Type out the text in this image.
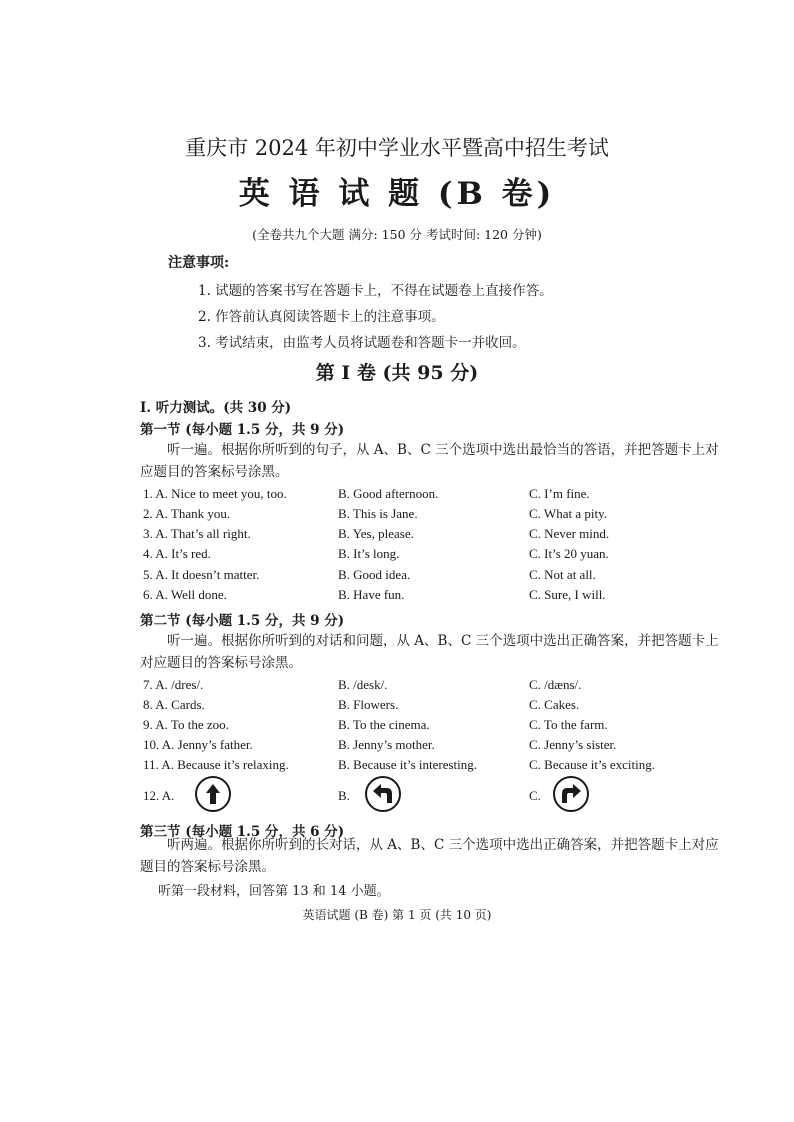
重庆市 2024 年初中学业水平暨高中招生考试
英 语 试 题 (B 卷)
(全卷共九个大题 满分: 150 分 考试时间: 120 分钟)
注意事项:
1. 试题的答案书写在答题卡上，不得在试题卷上直接作答。
2. 作答前认真阅读答题卡上的注意事项。
3. 考试结束，由监考人员将试题卷和答题卡一并收回。
第 I 卷 (共 95 分)
I. 听力测试。(共 30 分)
第一节 (每小题 1.5 分，共 9 分)
听一遍。根据你所听到的句子，从 A、B、C 三个选项中选出最恰当的答语，并把答题卡上对应题目的答案标号涂黑。
1. A. Nice to meet you, too.	B. Good afternoon.	C. I’m fine.
2. A. Thank you.	B. This is Jane.	C. What a pity.
3. A. That’s all right.	B. Yes, please.	C. Never mind.
4. A. It’s red.	B. It’s long.	C. It’s 20 yuan.
5. A. It doesn’t matter.	B. Good idea.	C. Not at all.
6. A. Well done.	B. Have fun.	C. Sure, I will.
第二节 (每小题 1.5 分，共 9 分)
听一遍。根据你所听到的对话和问题，从 A、B、C 三个选项中选出正确答案，并把答题卡上对应题目的答案标号涂黑。
7. A. /dres/.	B. /desk/.	C. /dæns/.
8. A. Cards.	B. Flowers.	C. Cakes.
9. A. To the zoo.	B. To the cinema.	C. To the farm.
10. A. Jenny’s father.	B. Jenny’s mother.	C. Jenny’s sister.
11. A. Because it’s relaxing.	B. Because it’s interesting.	C. Because it’s exciting.
12. A.	B.	C.
第三节 (每小题 1.5 分，共 6 分)
听两遍。根据你所听到的长对话，从 A、B、C 三个选项中选出正确答案，并把答题卡上对应题目的答案标号涂黑。
听第一段材料，回答第 13 和 14 小题。
英语试题 (B 卷) 第 1 页 (共 10 页)
